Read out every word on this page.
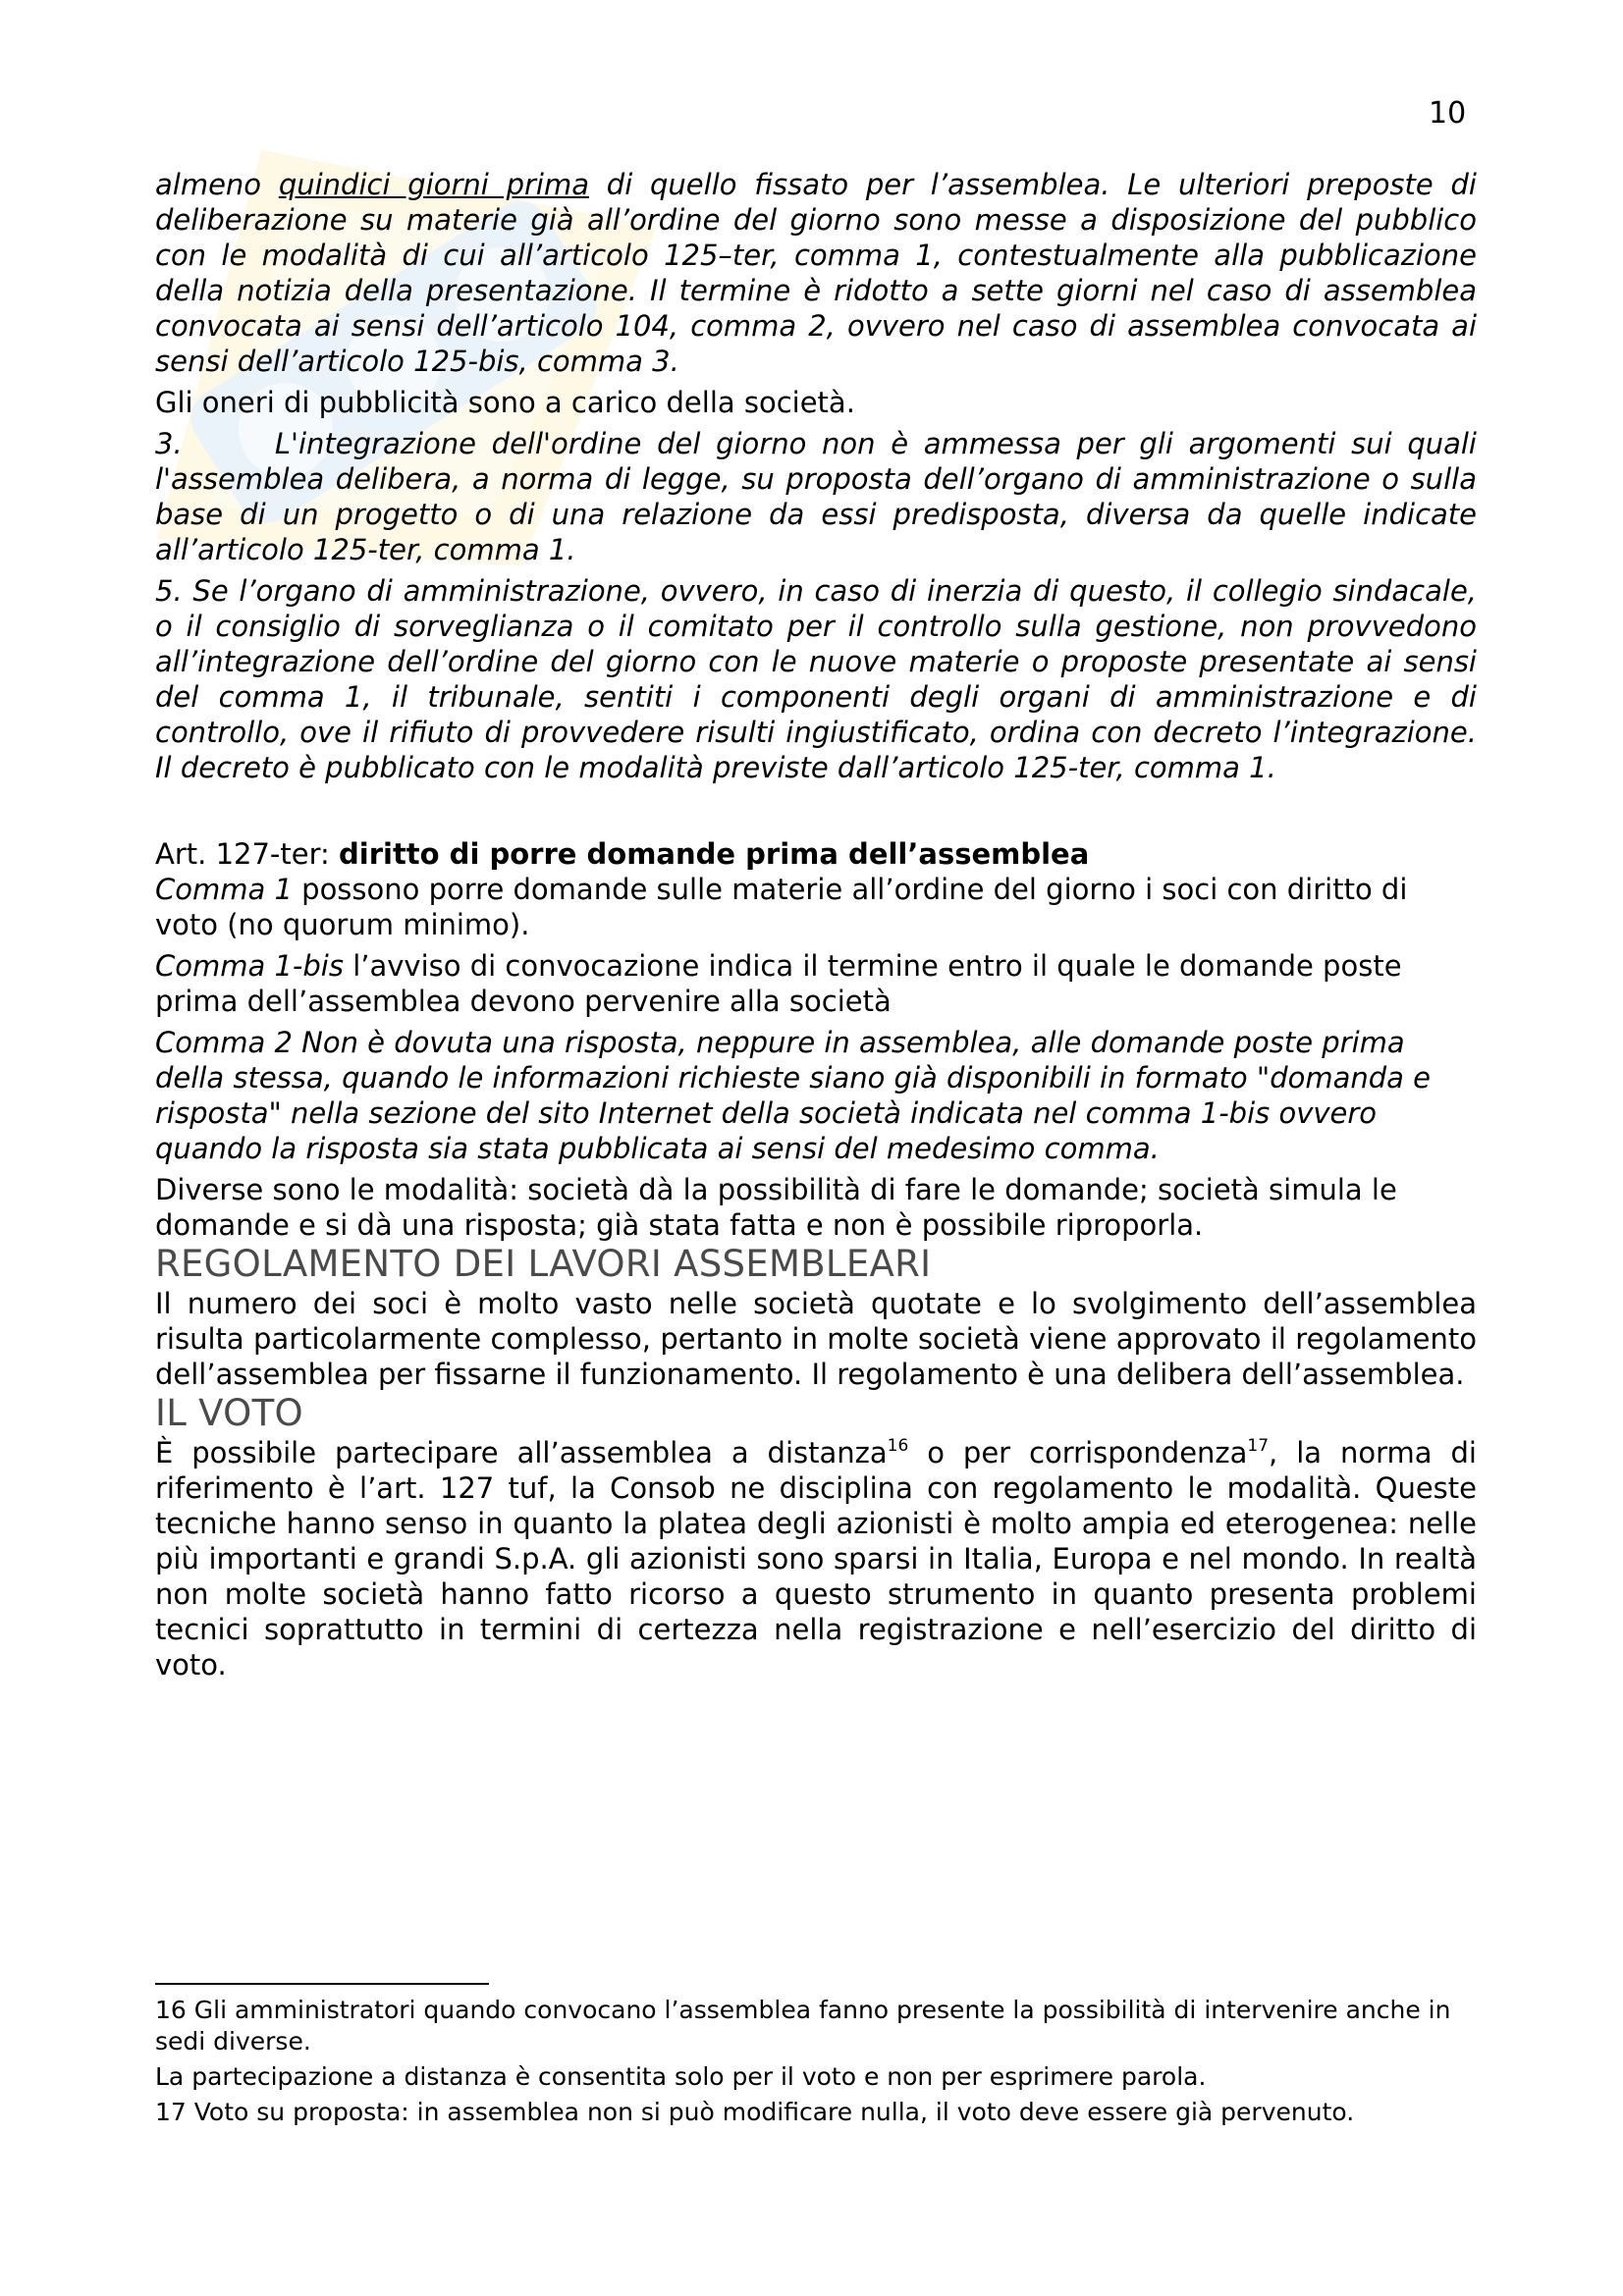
10

almeno quindici giorni prima di quello fissato per l’assemblea. Le ulteriori preposte di deliberazione su materie già all’ordine del giorno sono messe a disposizione del pubblico con le modalità di cui all’articolo 125–ter, comma 1, contestualmente alla pubblicazione della notizia della presentazione. Il termine è ridotto a sette giorni nel caso di assemblea convocata ai sensi dell’articolo 104, comma 2, ovvero nel caso di assemblea convocata ai sensi dell’articolo 125-bis, comma 3.

Gli oneri di pubblicità sono a carico della società.

3.	L'integrazione dell'ordine del giorno non è ammessa per gli argomenti sui quali l'assemblea delibera, a norma di legge, su proposta dell’organo di amministrazione o sulla base di un progetto o di una relazione da essi predisposta, diversa da quelle indicate all’articolo 125-ter, comma 1.

5. Se l’organo di amministrazione, ovvero, in caso di inerzia di questo, il collegio sindacale, o il consiglio di sorveglianza o il comitato per il controllo sulla gestione, non provvedono all’integrazione dell’ordine del giorno con le nuove materie o proposte presentate ai sensi del comma 1, il tribunale, sentiti i componenti degli organi di amministrazione e di controllo, ove il rifiuto di provvedere risulti ingiustificato, ordina con decreto l’integrazione. Il decreto è pubblicato con le modalità previste dall’articolo 125-ter, comma 1.

Art. 127-ter: diritto di porre domande prima dell’assemblea

Comma 1 possono porre domande sulle materie all’ordine del giorno i soci con diritto di voto (no quorum minimo).

Comma 1-bis l’avviso di convocazione indica il termine entro il quale le domande poste prima dell’assemblea devono pervenire alla società

Comma 2 Non è dovuta una risposta, neppure in assemblea, alle domande poste prima della stessa, quando le informazioni richieste siano già disponibili in formato "domanda e risposta" nella sezione del sito Internet della società indicata nel comma 1-bis ovvero quando la risposta sia stata pubblicata ai sensi del medesimo comma.

Diverse sono le modalità: società dà la possibilità di fare le domande; società simula le domande e si dà una risposta; già stata fatta e non è possibile riproporla.

REGOLAMENTO DEI LAVORI ASSEMBLEARI

Il numero dei soci è molto vasto nelle società quotate e lo svolgimento dell’assemblea risulta particolarmente complesso, pertanto in molte società viene approvato il regolamento dell’assemblea per fissarne il funzionamento. Il regolamento è una delibera dell’assemblea.

IL VOTO

È possibile partecipare all’assemblea a distanza$^{16}$ o per corrispondenza$^{17}$, la norma di riferimento è l’art. 127 tuf, la Consob ne disciplina con regolamento le modalità. Queste tecniche hanno senso in quanto la platea degli azionisti è molto ampia ed eterogenea: nelle più importanti e grandi S.p.A. gli azionisti sono sparsi in Italia, Europa e nel mondo. In realtà non molte società hanno fatto ricorso a questo strumento in quanto presenta problemi tecnici soprattutto in termini di certezza nella registrazione e nell’esercizio del diritto di voto.

16 Gli amministratori quando convocano l’assemblea fanno presente la possibilità di intervenire anche in sedi diverse.

La partecipazione a distanza è consentita solo per il voto e non per esprimere parola.

17 Voto su proposta: in assemblea non si può modificare nulla, il voto deve essere già pervenuto.
